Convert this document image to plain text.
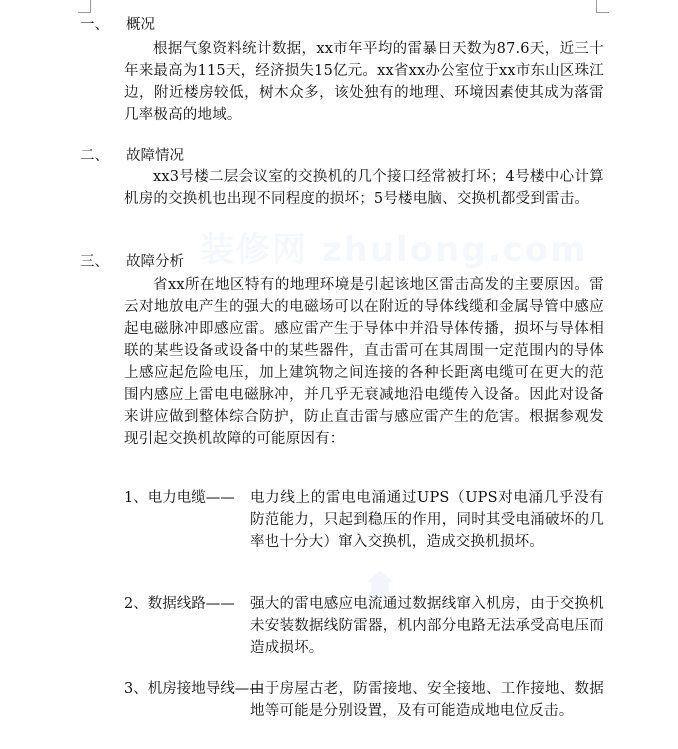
装修网 zhulong.com
一、 概况
根据气象资料统计数据，xx市年平均的雷暴日天数为87.6天，近三十年来最高为115天，经济损失15亿元。xx省xx办公室位于xx市东山区珠江边，附近楼房较低，树木众多，该处独有的地理、环境因素使其成为落雷几率极高的地域。
二、 故障情况
xx3号楼二层会议室的交换机的几个接口经常被打坏；4号楼中心计算机房的交换机也出现不同程度的损坏；5号楼电脑、交换机都受到雷击。
三、 故障分析
省xx所在地区特有的地理环境是引起该地区雷击高发的主要原因。雷云对地放电产生的强大的电磁场可以在附近的导体线缆和金属导管中感应起电磁脉冲即感应雷。感应雷产生于导体中并沿导体传播，损坏与导体相联的某些设备或设备中的某些器件，直击雷可在其周围一定范围内的导体上感应起危险电压，加上建筑物之间连接的各种长距离电缆可在更大的范围内感应上雷电电磁脉冲，并几乎无衰减地沿电缆传入设备。因此对设备来讲应做到整体综合防护，防止直击雷与感应雷产生的危害。根据参观发现引起交换机故障的可能原因有：
1、电力电缆—— 电力线上的雷电电涌通过UPS（UPS对电涌几乎没有防范能力，只起到稳压的作用，同时其受电涌破坏的几率也十分大）窜入交换机，造成交换机损坏。
2、数据线路—— 强大的雷电感应电流通过数据线窜入机房，由于交换机未安装数据线防雷器，机内部分电路无法承受高电压而造成损坏。
3、机房接地导线——
由于房屋古老，防雷接地、安全接地、工作接地、数据地等可能是分别设置，及有可能造成地电位反击。
